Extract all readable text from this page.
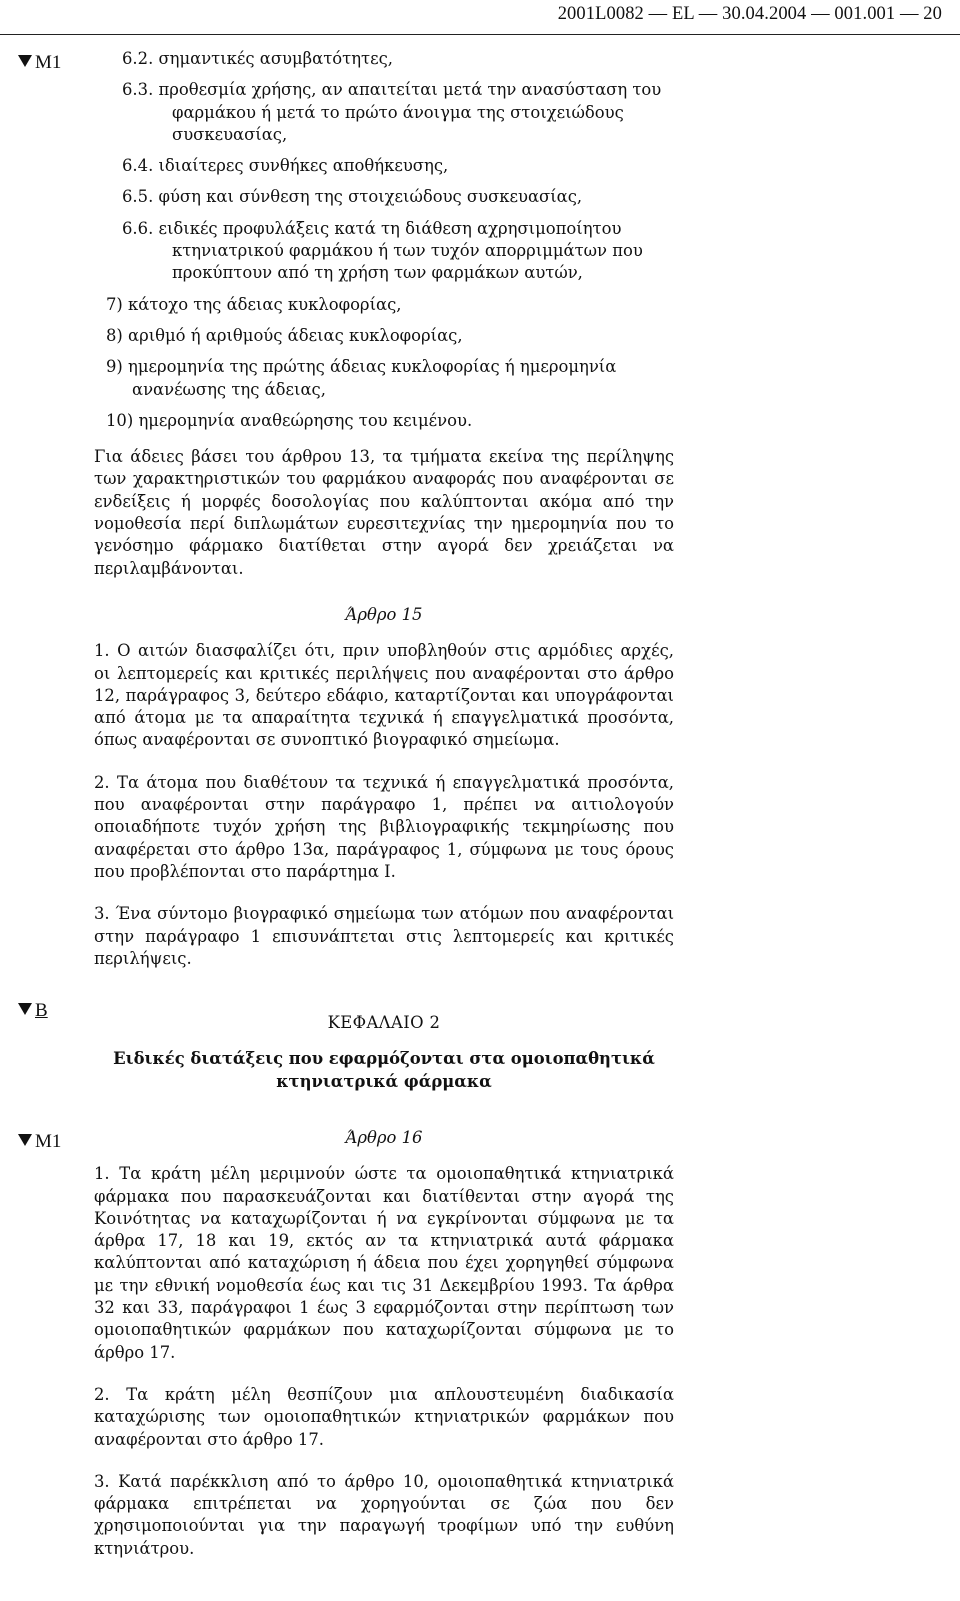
2001L0082 — EL — 30.04.2004 — 001.001 — 20
M1
B
M1
6.2. σημαντικές ασυμβατότητες,
6.3. προθεσμία χρήσης, αν απαιτείται μετά την ανασύσταση του φαρμάκου ή μετά το πρώτο άνοιγμα της στοιχειώδους συσκευασίας,
6.4. ιδιαίτερες συνθήκες αποθήκευσης,
6.5. φύση και σύνθεση της στοιχειώδους συσκευασίας,
6.6. ειδικές προφυλάξεις κατά τη διάθεση αχρησιμοποίητου κτηνιατρικού φαρμάκου ή των τυχόν απορριμμάτων που προκύπτουν από τη χρήση των φαρμάκων αυτών,
7) κάτοχο της άδειας κυκλοφορίας,
8) αριθμό ή αριθμούς άδειας κυκλοφορίας,
9) ημερομηνία της πρώτης άδειας κυκλοφορίας ή ημερομηνία ανανέωσης της άδειας,
10) ημερομηνία αναθεώρησης του κειμένου.
Για άδειες βάσει του άρθρου 13, τα τμήματα εκείνα της περίληψης των χαρακτηριστικών του φαρμάκου αναφοράς που αναφέρονται σε ενδείξεις ή μορφές δοσολογίας που καλύπτονται ακόμα από την νομοθεσία περί διπλωμάτων ευρεσιτεχνίας την ημερομηνία που το γενόσημο φάρμακο διατίθεται στην αγορά δεν χρειάζεται να περιλαμβάνονται.
Άρθρο 15
1. Ο αιτών διασφαλίζει ότι, πριν υποβληθούν στις αρμόδιες αρχές, οι λεπτομερείς και κριτικές περιλήψεις που αναφέρονται στο άρθρο 12, παράγραφος 3, δεύτερο εδάφιο, καταρτίζονται και υπογράφονται από άτομα με τα απαραίτητα τεχνικά ή επαγγελματικά προσόντα, όπως αναφέρονται σε συνοπτικό βιογραφικό σημείωμα.
2. Τα άτομα που διαθέτουν τα τεχνικά ή επαγγελματικά προσόντα, που αναφέρονται στην παράγραφο 1, πρέπει να αιτιολογούν οποιαδήποτε τυχόν χρήση της βιβλιογραφικής τεκμηρίωσης που αναφέρεται στο άρθρο 13α, παράγραφος 1, σύμφωνα με τους όρους που προβλέπονται στο παράρτημα I.
3. Ένα σύντομο βιογραφικό σημείωμα των ατόμων που αναφέρονται στην παράγραφο 1 επισυνάπτεται στις λεπτομερείς και κριτικές περιλήψεις.
ΚΕΦΑΛΑΙΟ 2
Ειδικές διατάξεις που εφαρμόζονται στα ομοιοπαθητικά κτηνιατρικά φάρμακα
Άρθρο 16
1. Τα κράτη μέλη μεριμνούν ώστε τα ομοιοπαθητικά κτηνιατρικά φάρμακα που παρασκευάζονται και διατίθενται στην αγορά της Κοινότητας να καταχωρίζονται ή να εγκρίνονται σύμφωνα με τα άρθρα 17, 18 και 19, εκτός αν τα κτηνιατρικά αυτά φάρμακα καλύπτονται από καταχώριση ή άδεια που έχει χορηγηθεί σύμφωνα με την εθνική νομοθεσία έως και τις 31 Δεκεμβρίου 1993. Τα άρθρα 32 και 33, παράγραφοι 1 έως 3 εφαρμόζονται στην περίπτωση των ομοιοπαθητικών φαρμάκων που καταχωρίζονται σύμφωνα με το άρθρο 17.
2. Τα κράτη μέλη θεσπίζουν μια απλουστευμένη διαδικασία καταχώρισης των ομοιοπαθητικών κτηνιατρικών φαρμάκων που αναφέρονται στο άρθρο 17.
3. Κατά παρέκκλιση από το άρθρο 10, ομοιοπαθητικά κτηνιατρικά φάρμακα επιτρέπεται να χορηγούνται σε ζώα που δεν χρησιμοποιούνται για την παραγωγή τροφίμων υπό την ευθύνη κτηνιάτρου.
